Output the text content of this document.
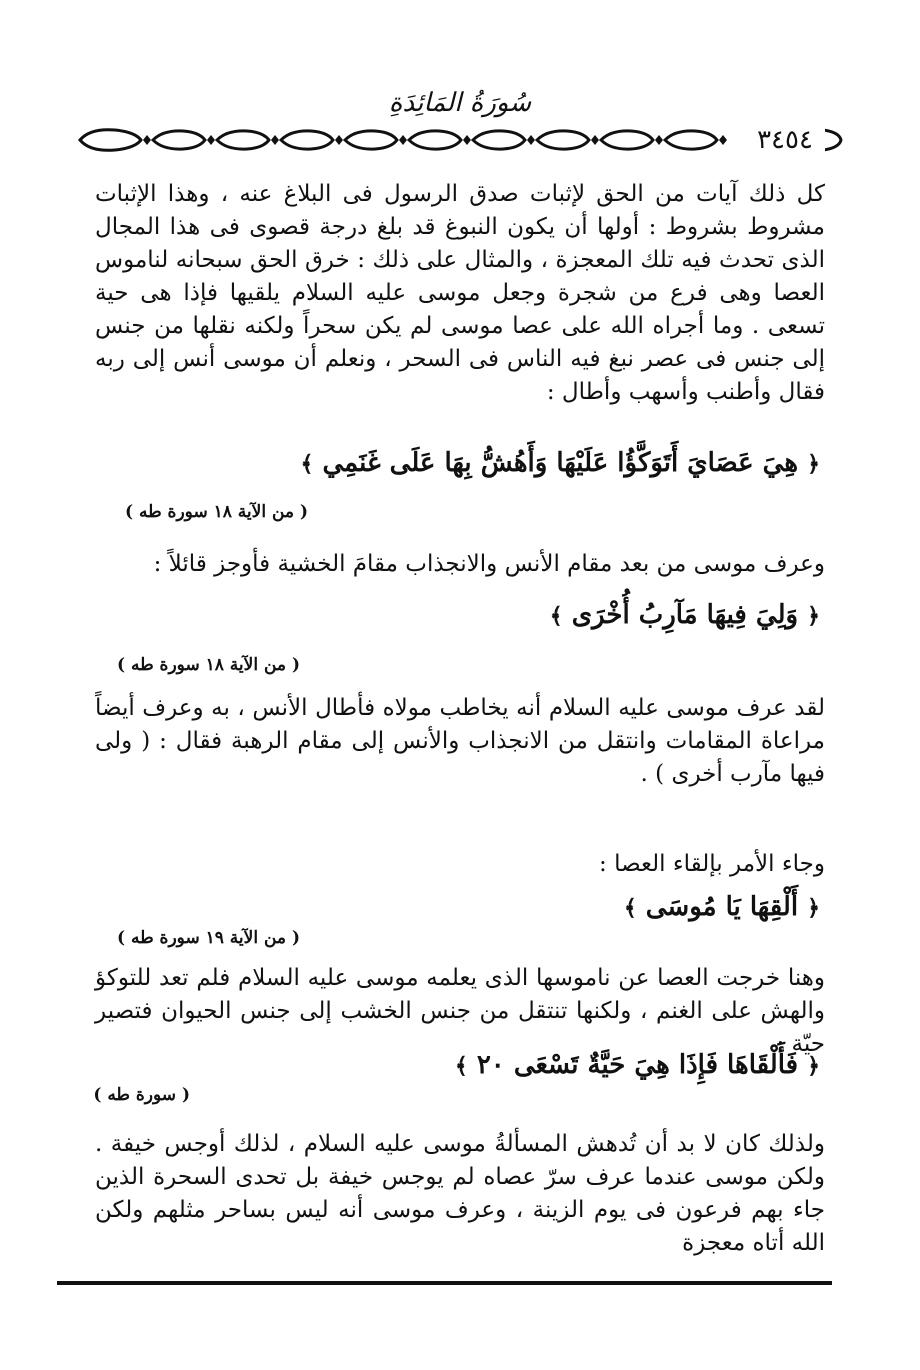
سُورَةُ المَائِدَةِ
٣٤٥٤
كل ذلك آيات من الحق لإثبات صدق الرسول فى البلاغ عنه ، وهذا الإثبات مشروط بشروط : أولها أن يكون النبوغ قد بلغ درجة قصوى فى هذا المجال الذى تحدث فيه تلك المعجزة ، والمثال على ذلك : خرق الحق سبحانه لناموس العصا وهى فرع من شجرة وجعل موسى عليه السلام يلقيها فإذا هى حية تسعى . وما أجراه الله على عصا موسى لم يكن سحراً ولكنه نقلها من جنس إلى جنس فى عصر نبغ فيه الناس فى السحر ، ونعلم أن موسى أنس إلى ربه فقال وأطنب وأسهب وأطال :
﴿ هِيَ عَصَايَ أَتَوَكَّؤُا عَلَيْهَا وَأَهُشُّ بِهَا عَلَى غَنَمِي ﴾
( من الآية ١٨ سورة طه )
وعرف موسى من بعد مقام الأنس والانجذاب مقامَ الخشية فأوجز قائلاً :
﴿ وَلِيَ فِيهَا مَآرِبُ أُخْرَى ﴾
( من الآية ١٨ سورة طه )
لقد عرف موسى عليه السلام أنه يخاطب مولاه فأطال الأنس ، به وعرف أيضاً مراعاة المقامات وانتقل من الانجذاب والأنس إلى مقام الرهبة فقال : ( ولى فيها مآرب أخرى ) .
وجاء الأمر بإلقاء العصا :
﴿ أَلْقِهَا يَا مُوسَى ﴾
( من الآية ١٩ سورة طه )
وهنا خرجت العصا عن ناموسها الذى يعلمه موسى عليه السلام فلم تعد للتوكؤ والهش على الغنم ، ولكنها تنتقل من جنس الخشب إلى جنس الحيوان فتصير حيّة :
﴿ فَأَلْقَاهَا فَإِذَا هِيَ حَيَّةٌ تَسْعَى ٢٠ ﴾
( سورة طه )
ولذلك كان لا بد أن تُدهش المسألةُ موسى عليه السلام ، لذلك أوجس خيفة . ولكن موسى عندما عرف سرّ عصاه لم يوجس خيفة بل تحدى السحرة الذين جاء بهم فرعون فى يوم الزينة ، وعرف موسى أنه ليس بساحر مثلهم ولكن الله أتاه معجزة
